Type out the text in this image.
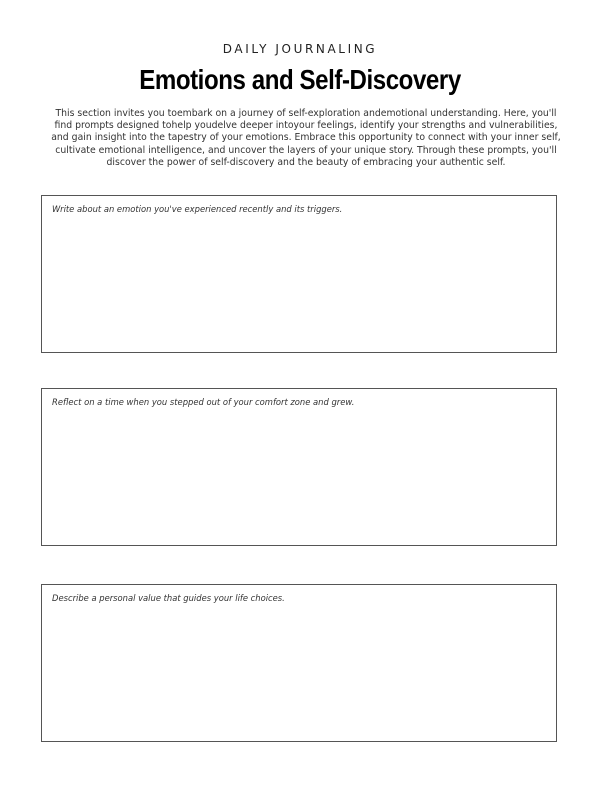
DAILY JOURNALING
Emotions and Self-Discovery

This section invites you toembark on a journey of self-exploration andemotional understanding. Here, you'll find prompts designed tohelp youdelve deeper intoyour feelings, identify your strengths and vulnerabilities, and gain insight into the tapestry of your emotions. Embrace this opportunity to connect with your inner self, cultivate emotional intelligence, and uncover the layers of your unique story. Through these prompts, you'll discover the power of self-discovery and the beauty of embracing your authentic self.

Write about an emotion you've experienced recently and its triggers.

Reflect on a time when you stepped out of your comfort zone and grew.

Describe a personal value that guides your life choices.
